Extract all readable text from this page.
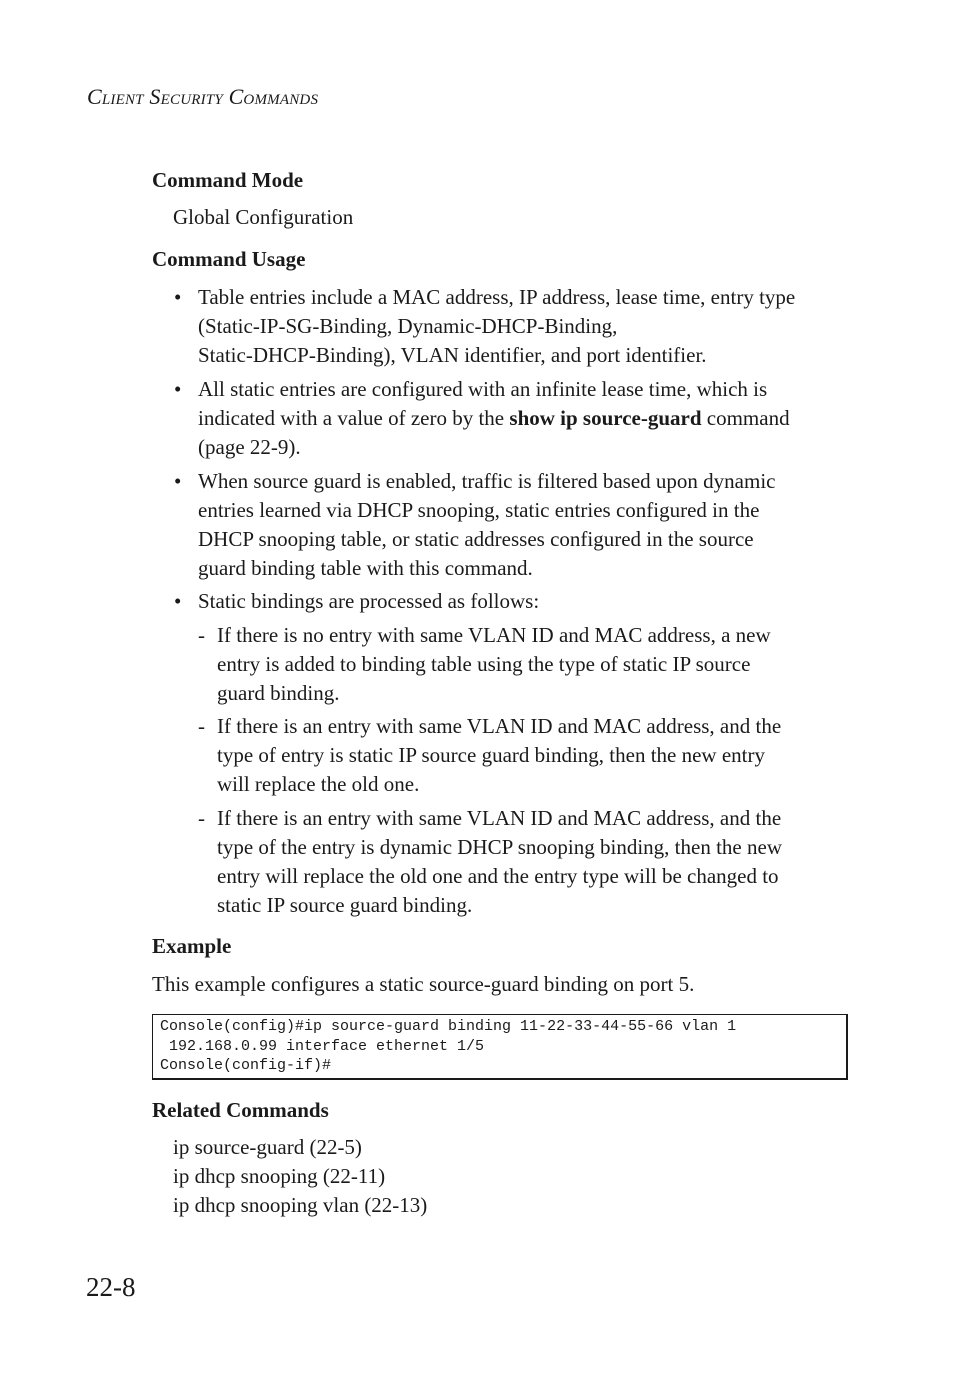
Client Security Commands
Command Mode
Global Configuration
Command Usage
• Table entries include a MAC address, IP address, lease time, entry type
(Static-IP-SG-Binding, Dynamic-DHCP-Binding,
Static-DHCP-Binding), VLAN identifier, and port identifier.
• All static entries are configured with an infinite lease time, which is
indicated with a value of zero by the show ip source-guard command
(page 22-9).
• When source guard is enabled, traffic is filtered based upon dynamic
entries learned via DHCP snooping, static entries configured in the
DHCP snooping table, or static addresses configured in the source
guard binding table with this command.
• Static bindings are processed as follows:
- If there is no entry with same VLAN ID and MAC address, a new
entry is added to binding table using the type of static IP source
guard binding.
- If there is an entry with same VLAN ID and MAC address, and the
type of entry is static IP source guard binding, then the new entry
will replace the old one.
- If there is an entry with same VLAN ID and MAC address, and the
type of the entry is dynamic DHCP snooping binding, then the new
entry will replace the old one and the entry type will be changed to
static IP source guard binding.
Example
This example configures a static source-guard binding on port 5.
Console(config)#ip source-guard binding 11-22-33-44-55-66 vlan 1
192.168.0.99 interface ethernet 1/5
Console(config-if)#
Related Commands
ip source-guard (22-5)
ip dhcp snooping (22-11)
ip dhcp snooping vlan (22-13)
22-8
